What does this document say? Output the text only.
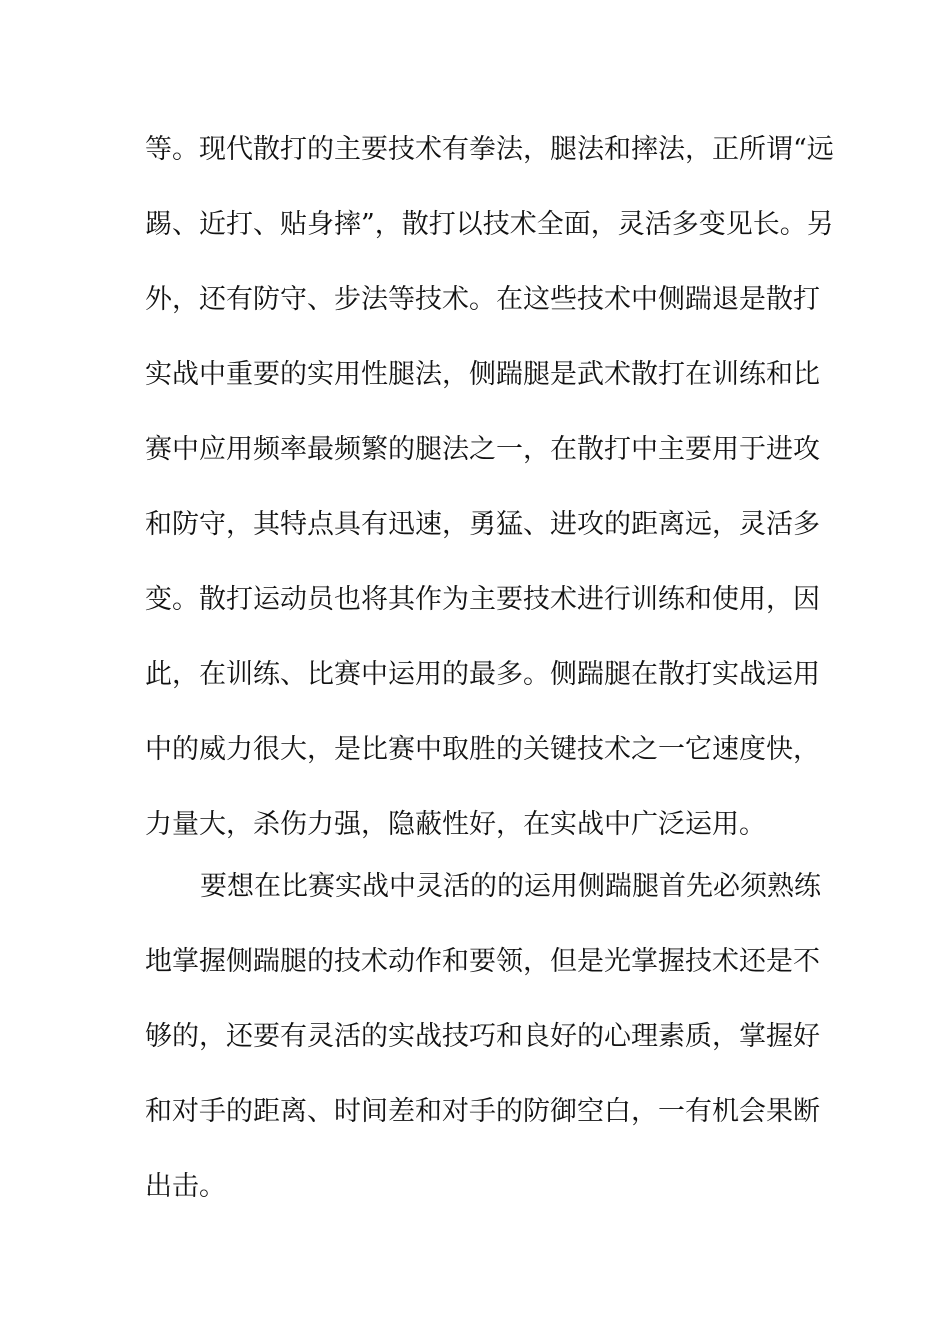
等。现代散打的主要技术有拳法，腿法和摔法，正所谓“远
踢、近打、贴身摔”，散打以技术全面，灵活多变见长。另
外，还有防守、步法等技术。在这些技术中侧踹退是散打
实战中重要的实用性腿法，侧踹腿是武术散打在训练和比
赛中应用频率最频繁的腿法之一，在散打中主要用于进攻
和防守，其特点具有迅速，勇猛、进攻的距离远，灵活多
变。散打运动员也将其作为主要技术进行训练和使用，因
此，在训练、比赛中运用的最多。侧踹腿在散打实战运用
中的威力很大，是比赛中取胜的关键技术之一它速度快，
力量大，杀伤力强，隐蔽性好，在实战中广泛运用。
要想在比赛实战中灵活的的运用侧踹腿首先必须熟练
地掌握侧踹腿的技术动作和要领，但是光掌握技术还是不
够的，还要有灵活的实战技巧和良好的心理素质，掌握好
和对手的距离、时间差和对手的防御空白，一有机会果断
出击。
